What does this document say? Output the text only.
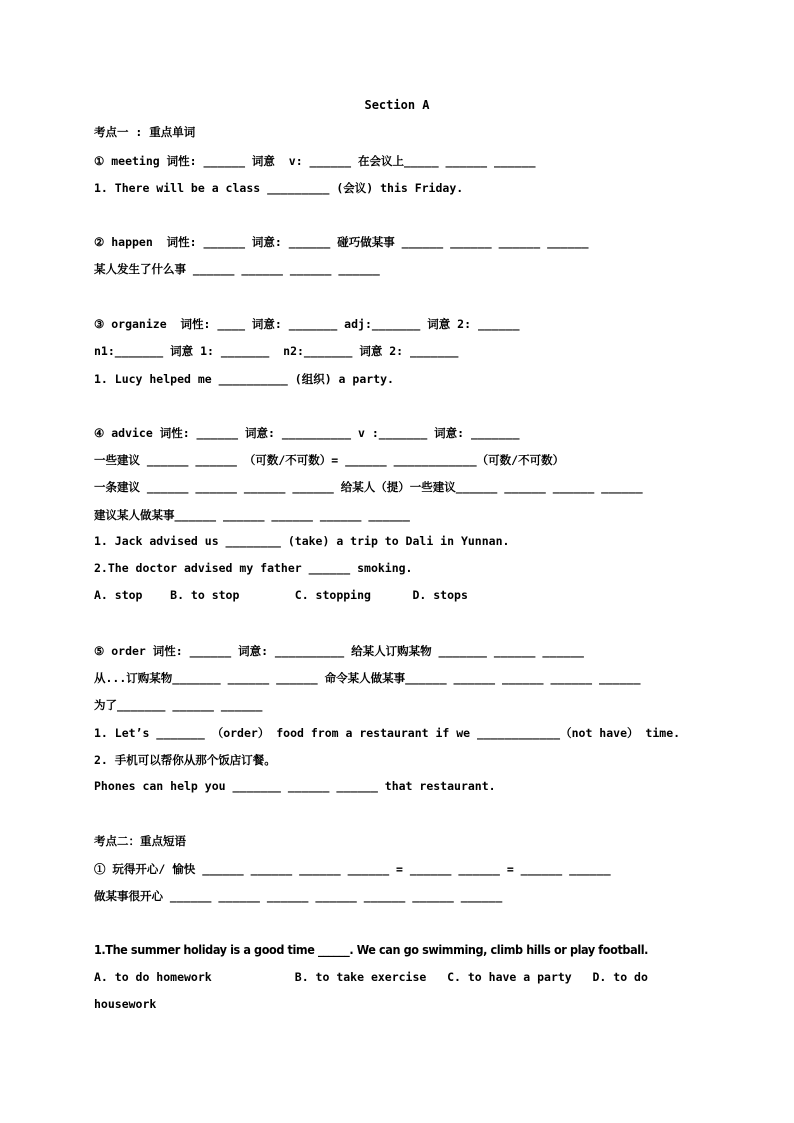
Section A
考点一 : 重点单词
① meeting 词性: ______ 词意  v: ______ 在会议上_____ ______ ______
1. There will be a class _________ (会议) this Friday.
② happen  词性: ______ 词意: ______ 碰巧做某事 ______ ______ ______ ______
某人发生了什么事 ______ ______ ______ ______
③ organize  词性: ____ 词意: _______ adj:_______ 词意 2: ______
n1:_______ 词意 1: _______  n2:_______ 词意 2: _______
1. Lucy helped me __________ (组织) a party.
④ advice 词性: ______ 词意: __________ v :_______ 词意: _______
一些建议 ______ ______ （可数/不可数）= ______ ____________（可数/不可数）
一条建议 ______ ______ ______ ______ 给某人（提）一些建议______ ______ ______ ______
建议某人做某事______ ______ ______ ______ ______
1. Jack advised us ________ (take) a trip to Dali in Yunnan.
2.The doctor advised my father ______ smoking.
A. stop    B. to stop        C. stopping      D. stops
⑤ order 词性: ______ 词意: __________ 给某人订购某物 _______ ______ ______
从...订购某物_______ ______ ______ 命令某人做某事______ ______ ______ ______ ______
为了_______ ______ ______
1. Let’s _______ （order） food from a restaurant if we ____________（not have） time.
2. 手机可以帮你从那个饭店订餐。
Phones can help you _______ ______ ______ that restaurant.
考点二：重点短语
① 玩得开心/ 愉快 ______ ______ ______ ______ = ______ ______ = ______ ______
做某事很开心 ______ ______ ______ ______ ______ ______ ______
1.The summer holiday is a good time ______. We can go swimming, climb hills or play football.
A. to do homework            B. to take exercise   C. to have a party   D. to do
housework
